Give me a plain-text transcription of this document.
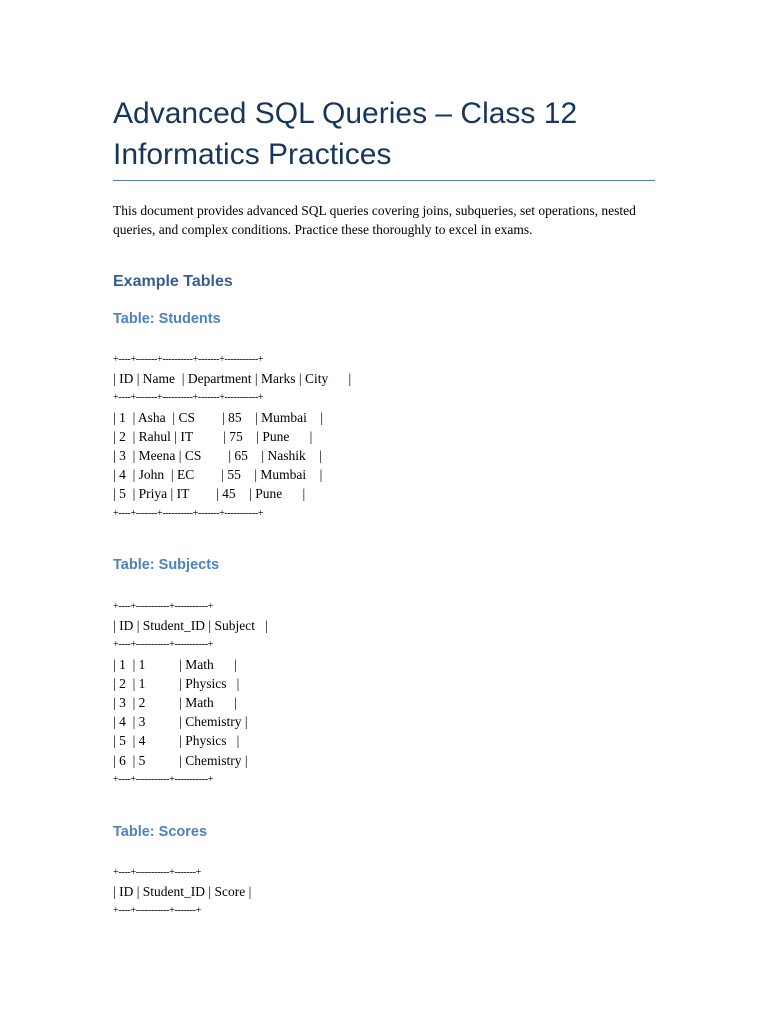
Advanced SQL Queries – Class 12 Informatics Practices

This document provides advanced SQL queries covering joins, subqueries, set operations, nested queries, and complex conditions. Practice these thoroughly to excel in exams.

Example Tables
Table: Students
+----+-------+----------+-------+-----------+
| ID | Name  | Department | Marks | City      |
+----+-------+----------+-------+-----------+
| 1  | Asha  | CS        | 85    | Mumbai    |
| 2  | Rahul | IT         | 75    | Pune      |
| 3  | Meena | CS        | 65    | Nashik    |
| 4  | John  | EC        | 55    | Mumbai    |
| 5  | Priya | IT        | 45    | Pune      |
+----+-------+----------+-------+-----------+
Table: Subjects
+----+-----------+-----------+
| ID | Student_ID | Subject   |
+----+-----------+-----------+
| 1  | 1          | Math      |
| 2  | 1          | Physics   |
| 3  | 2          | Math      |
| 4  | 3          | Chemistry |
| 5  | 4          | Physics   |
| 6  | 5          | Chemistry |
+----+-----------+-----------+
Table: Scores
+----+-----------+-------+
| ID | Student_ID | Score |
+----+-----------+-------+
